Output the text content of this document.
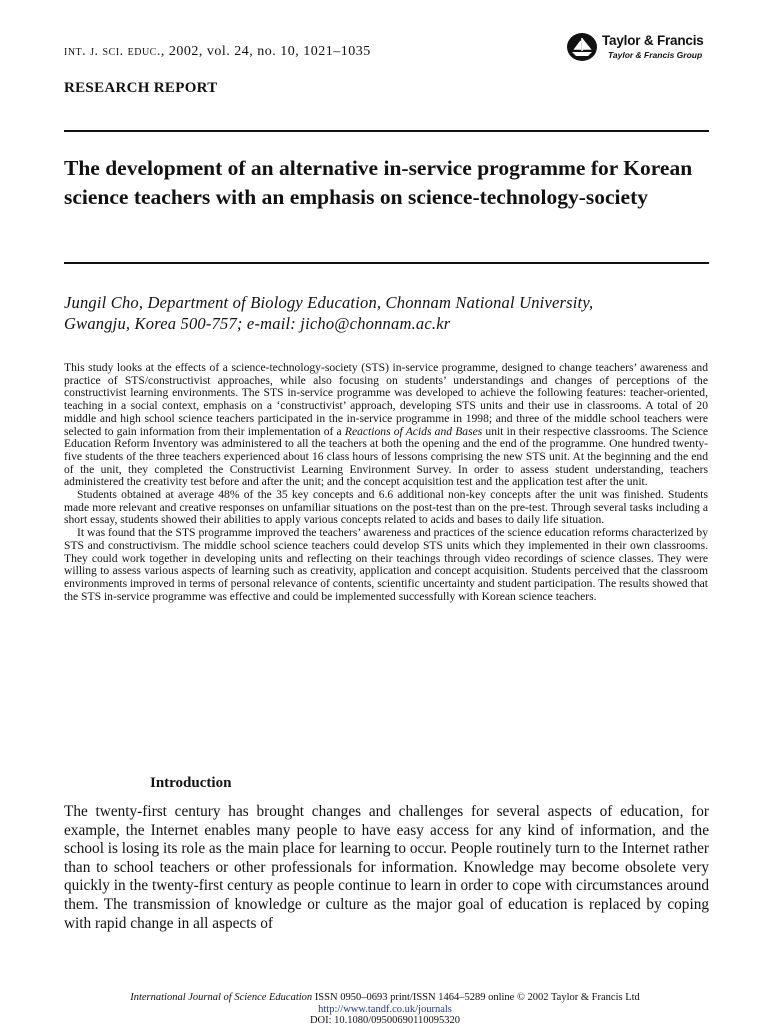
int. j. sci. educ., 2002, vol. 24, no. 10, 1021–1035
Taylor & Francis
Taylor & Francis Group
RESEARCH REPORT
The development of an alternative in-service programme for Korean science teachers with an emphasis on science-technology-society
Jungil Cho, Department of Biology Education, Chonnam National University,
Gwangju, Korea 500-757; e-mail: jicho@chonnam.ac.kr

This study looks at the effects of a science-technology-society (STS) in-service programme, designed to change teachers’ awareness and practice of STS/constructivist approaches, while also focusing on students’ understandings and changes of perceptions of the constructivist learning environments. The STS in-service programme was developed to achieve the following features: teacher-oriented, teaching in a social context, emphasis on a ‘constructivist’ approach, developing STS units and their use in classrooms. A total of 20 middle and high school science teachers participated in the in-service programme in 1998; and three of the middle school teachers were selected to gain information from their implementation of a Reactions of Acids and Bases unit in their respective classrooms. The Science Education Reform Inventory was administered to all the teachers at both the opening and the end of the programme. One hundred twenty-five students of the three teachers experienced about 16 class hours of lessons comprising the new STS unit. At the beginning and the end of the unit, they completed the Constructivist Learning Environment Survey. In order to assess student understanding, teachers administered the creativity test before and after the unit; and the concept acquisition test and the application test after the unit.

Students obtained at average 48% of the 35 key concepts and 6.6 additional non-key concepts after the unit was finished. Students made more relevant and creative responses on unfamiliar situations on the post-test than on the pre-test. Through several tasks including a short essay, students showed their abilities to apply various concepts related to acids and bases to daily life situation.

It was found that the STS programme improved the teachers’ awareness and practices of the science education reforms characterized by STS and constructivism. The middle school science teachers could develop STS units which they implemented in their own classrooms. They could work together in developing units and reflecting on their teachings through video recordings of science classes. They were willing to assess various aspects of learning such as creativity, application and concept acquisition. Students perceived that the classroom environments improved in terms of personal relevance of contents, scientific uncertainty and student participation. The results showed that the STS in-service programme was effective and could be implemented successfully with Korean science teachers.

Introduction

The twenty-first century has brought changes and challenges for several aspects of education, for example, the Internet enables many people to have easy access for any kind of information, and the school is losing its role as the main place for learning to occur. People routinely turn to the Internet rather than to school teachers or other professionals for information. Knowledge may become obsolete very quickly in the twenty-first century as people continue to learn in order to cope with circumstances around them. The transmission of knowledge or culture as the major goal of education is replaced by coping with rapid change in all aspects of

International Journal of Science Education ISSN 0950–0693 print/ISSN 1464–5289 online © 2002 Taylor & Francis Ltd
http://www.tandf.co.uk/journals
DOI: 10.1080/09500690110095320
